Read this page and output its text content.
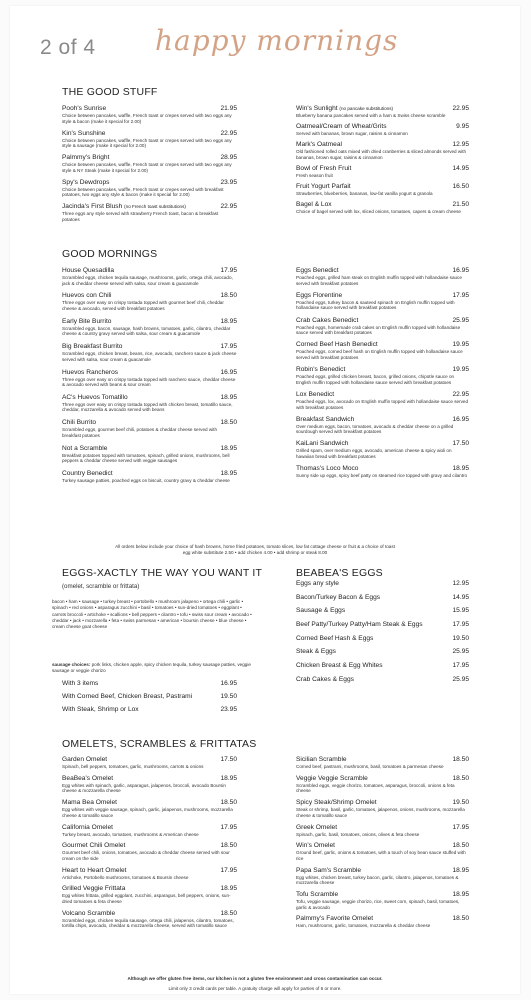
2 of 4 happy mornings
THE GOOD STUFF
Pooh's Sunrise	21.95
Choice between pancakes, waffle, French toast or crepes served with two eggs any style & bacon (make it special for 2.00)
Kin's Sunshine	22.95
Choice between pancakes, waffle, French toast or crepes served with two eggs any style & sausage (make it special for 2.00)
Palmmy's Bright	28.95
Choice between pancakes, waffle, French toast or crepes served with two eggs any style & NY Steak (make it special for 2.00)
Spy's Dewdrops	23.95
Choice between pancakes, waffle, French toast or crepes served with breakfast potatoes, two eggs any style & bacon (make it special for 2.00)
Jacinda's First Blush (no French toast substitutions)	22.95
Three eggs any style served with strawberry French toast, bacon & breakfast potatoes
Win's Sunlight (no pancake substitutions)	22.95
Blueberry banana pancakes served with a ham & Swiss cheese scramble
Oatmeal/Cream of Wheat/Grits	9.95
Served with bananas, brown sugar, raisins & cinnamon
Mark's Oatmeal	12.95
Old fashioned rolled oats mixed with dried cranberries & sliced almonds served with bananas, brown sugar, raisins & cinnamon
Bowl of Fresh Fruit	14.95
Fresh season fruit
Fruit Yogurt Parfait	16.50
Strawberries, blueberries, bananas, low-fat vanilla yogurt & granola
Bagel & Lox	21.50
Choice of bagel served with lox, sliced onions, tomatoes, capers & cream cheese
GOOD MORNINGS
House Quesadilla	17.95
Scrambled eggs, chicken tequila sausage, mushrooms, garlic, ortega chili, avocado, jack & cheddar cheese served with salsa, sour cream & guacamole
Huevos con Chili	18.50
Three eggs over easy on crispy tostada topped with gourmet beef chili, cheddar cheese & avocado, served with breakfast potatoes
Early Bite Burrito	18.95
Scrambled eggs, bacon, sausage, hash browns, tomatoes, garlic, cilantro, cheddar cheese & country gravy served with salsa, sour cream & guacamole
Big Breakfast Burrito	17.95
Scrambled eggs, chicken breast, beans, rice, avocado, ranchero sauce & jack cheese served with salsa, sour cream & guacamole
Huevos Rancheros	16.95
Three eggs over easy on crispy tostada topped with ranchero sauce, cheddar cheese & avocado served with beans & sour cream
AC's Huevos Tomatillo	18.95
Three eggs over easy on crispy tostada topped with chicken breast, tomatillo sauce, cheddar, mozzarella & avocado served with beans
Chili Burrito	18.50
Scrambled eggs, gourmet beef chili, potatoes & cheddar cheese served with breakfast potatoes
Not a Scramble	18.95
Breakfast potatoes topped with tomatoes, spinach, grilled onions, mushrooms, bell peppers & cheddar cheese served with veggie sausages
Country Benedict	18.95
Turkey sausage patties, poached eggs on biscuit, country gravy & cheddar cheese
Eggs Benedict	16.95
Poached eggs, grilled ham steak on English muffin topped with hollandaise sauce served with breakfast potatoes
Eggs Florentine	17.95
Poached eggs, turkey bacon & sauteed spinach on English muffin topped with hollandaise sauce served with breakfast potatoes
Crab Cakes Benedict	25.95
Poached eggs, homemade crab cakes on English muffin topped with hollandaise sauce served with breakfast potatoes
Corned Beef Hash Benedict	19.95
Poached eggs, corned beef hash on English muffin topped with hollandaise sauce served with breakfast potatoes
Robin's Benedict	19.95
Poached eggs, grilled chicken breast, bacon, grilled onions, chipotle sauce on English muffin topped with hollandaise sauce served with breakfast potatoes
Lox Benedict	22.95
Poached eggs, lox, avocado on English muffin topped with hollandaise sauce served with breakfast potatoes
Breakfast Sandwich	16.95
Over medium eggs, bacon, tomatoes, avocado & cheddar cheese on a grilled sourdough served with breakfast potatoes
KaiLani Sandwich	17.50
Grilled spam, over medium eggs, avocado, american cheese & spicy aioli on hawaiian bread with breakfast potatoes
Thomas's Loco Moco	18.95
Sunny side up eggs, spicy beef patty on steamed rice topped with gravy and cilantro
All orders below include your choice of hash browns, home fried potatoes, tomato slices, low fat cottage cheese or fruit & a choice of toast
egg white substitute 2.50 • add chicken 4.00 • add shrimp or steak 8.00
EGGS-XACTLY THE WAY YOU WANT IT
(omelet, scramble or frittata)
bacon • ham • sausage • turkey breast • portobello • mushroom jalapeno • ortega chili • garlic • spinach • red onions • asparagus zucchini • basil • tomatoes • sun-dried tomatoes • eggplant • carrots broccoli • artichoke • scallions • bell peppers • cilantro • tofu • swiss sour cream • avocado • cheddar • jack • mozzarella • feta • swiss parmesan • american • boursin cheese • blue cheese • cream cheese goat cheese
sausage choices: pork links, chicken apple, spicy chicken tequila, turkey sausage patties, veggie sausage or veggie chorizo
With 3 items	16.95
With Corned Beef, Chicken Breast, Pastrami	19.50
With Steak, Shrimp or Lox	23.95
BEABEA'S EGGS
Eggs any style	12.95
Bacon/Turkey Bacon & Eggs	14.95
Sausage & Eggs	15.95
Beef Patty/Turkey Patty/Ham Steak & Eggs	17.95
Corned Beef Hash & Eggs	19.50
Steak & Eggs	25.95
Chicken Breast & Egg Whites	17.95
Crab Cakes & Eggs	25.95
OMELETS, SCRAMBLES & FRITTATAS
Garden Omelet	17.50
Spinach, bell peppers, tomatoes, garlic, mushrooms, carrots & onions
BeaBea's Omelet	18.95
Egg whites with spinach, garlic, asparagus, jalapenos, broccoli, avocado Boursin cheese & mozzarella cheese
Mama Bea Omelet	18.50
Egg whites with veggie sausage, spinach, garlic, jalapenos, mushrooms, mozzarella cheese & tomatillo sauce
California Omelet	17.95
Turkey breast, avocado, tomatoes, mushrooms & American cheese
Gourmet Chili Omelet	18.50
Gourmet beef chili, onions, tomatoes, avocado & cheddar cheese served with sour cream on the side
Heart to Heart Omelet	17.95
Artichoke, Portobello mushrooms, tomatoes & Boursin cheese
Grilled Veggie Frittata	18.95
Egg whites frittata, grilled eggplant, zucchini, asparagus, bell peppers, onions, sun-dried tomatoes & feta cheese
Volcano Scramble	18.50
Scrambled eggs, chicken tequila sausage, ortega chili, jalapenos, cilantro, tomatoes, tortilla chips, avocado, cheddar & mozzarella cheese, served with tomatillo sauce
Sicilian Scramble	18.50
Corned beef, pastrami, mushrooms, basil, tomatoes & parmesan cheese
Veggie Veggie Scramble	18.50
Scrambled eggs, veggie chorizo, tomatoes, asparagus, broccoli, onions & feta cheese
Spicy Steak/Shrimp Omelet	19.50
Steak or shrimp, basil, garlic, tomatoes, jalapenos, onions, mushrooms, mozzarella cheese & tomatillo sauce
Greek Omelet	17.95
Spinach, garlic, basil, tomatoes, onions, olives & feta cheese
Win's Omelet	18.50
Ground beef, garlic, onions & tomatoes, with a touch of soy bean sauce stuffed with rice
Papa Sam's Scramble	18.95
Egg whites, chicken breast, turkey bacon, garlic, cilantro, jalapenos, tomatoes & mozzarella cheese
Tofu Scramble	18.95
Tofu, veggie sausage, veggie chorizo, rice, sweet corn, spinach, basil, tomatoes, garlic & avocado
Palmmy's Favorite Omelet	18.50
Ham, mushrooms, garlic, tomatoes, mozzarella & cheddar cheese
Although we offer gluten free items, our kitchen is not a gluten free environment and cross contamination can occur.
Limit only 3 credit cards per table. A gratuity charge will apply for parties of 6 or more.
